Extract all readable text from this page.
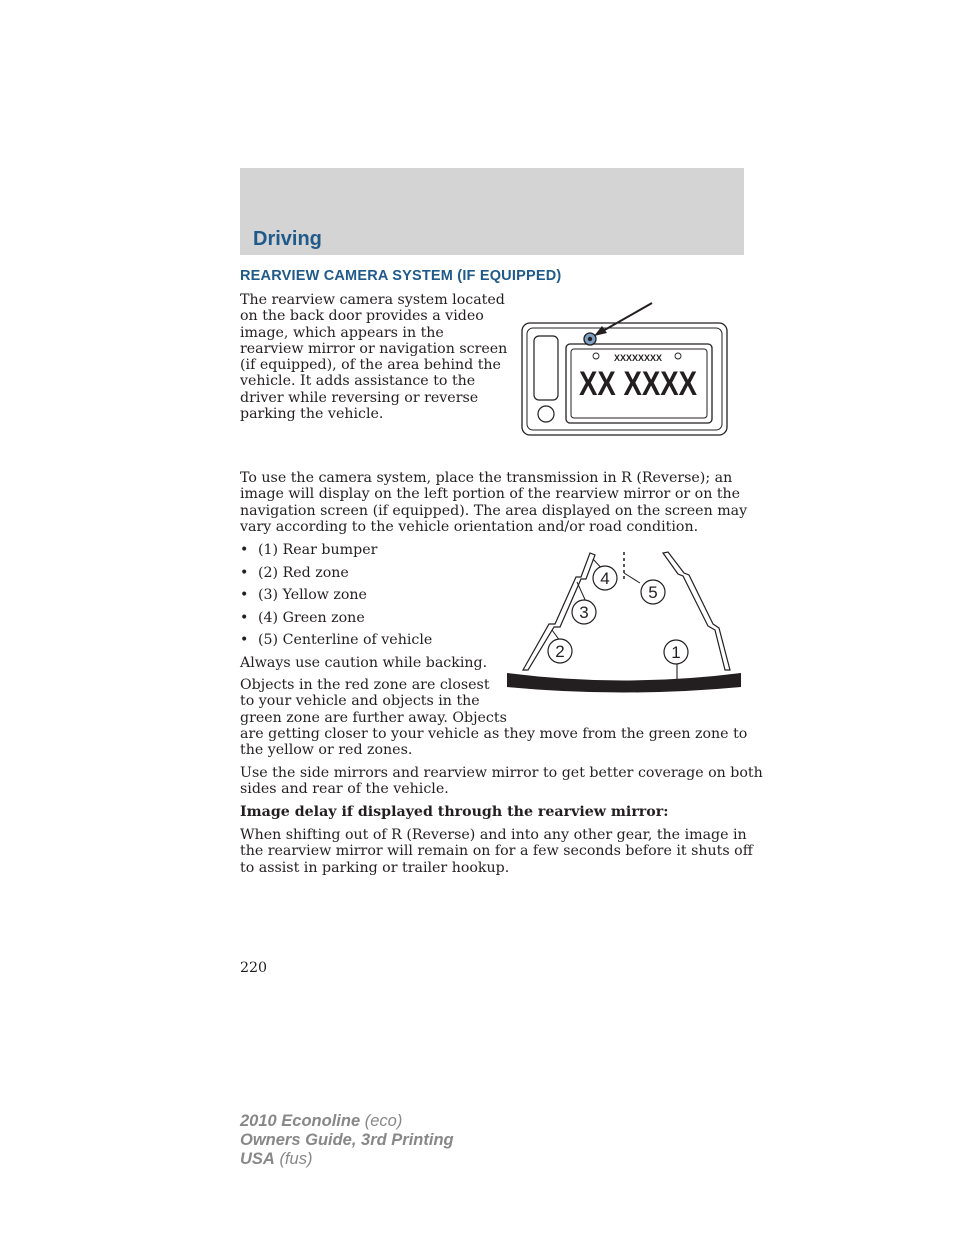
Driving
REARVIEW CAMERA SYSTEM (IF EQUIPPED)
The rearview camera system located
on the back door provides a video
image, which appears in the
rearview mirror or navigation screen
(if equipped), of the area behind the
vehicle. It adds assistance to the
driver while reversing or reverse
parking the vehicle.
XXXXXXXX
XX XXXX
To use the camera system, place the transmission in R (Reverse); an
image will display on the left portion of the rearview mirror or on the
navigation screen (if equipped). The area displayed on the screen may
vary according to the vehicle orientation and/or road condition.
• (1) Rear bumper
• (2) Red zone
• (3) Yellow zone
• (4) Green zone
• (5) Centerline of vehicle
1
2
3
4
5
Always use caution while backing.
Objects in the red zone are closest
to your vehicle and objects in the
green zone are further away. Objects
are getting closer to your vehicle as they move from the green zone to
the yellow or red zones.
Use the side mirrors and rearview mirror to get better coverage on both
sides and rear of the vehicle.
Image delay if displayed through the rearview mirror:
When shifting out of R (Reverse) and into any other gear, the image in
the rearview mirror will remain on for a few seconds before it shuts off
to assist in parking or trailer hookup.
220
2010 Econoline (eco)
Owners Guide, 3rd Printing
USA (fus)
